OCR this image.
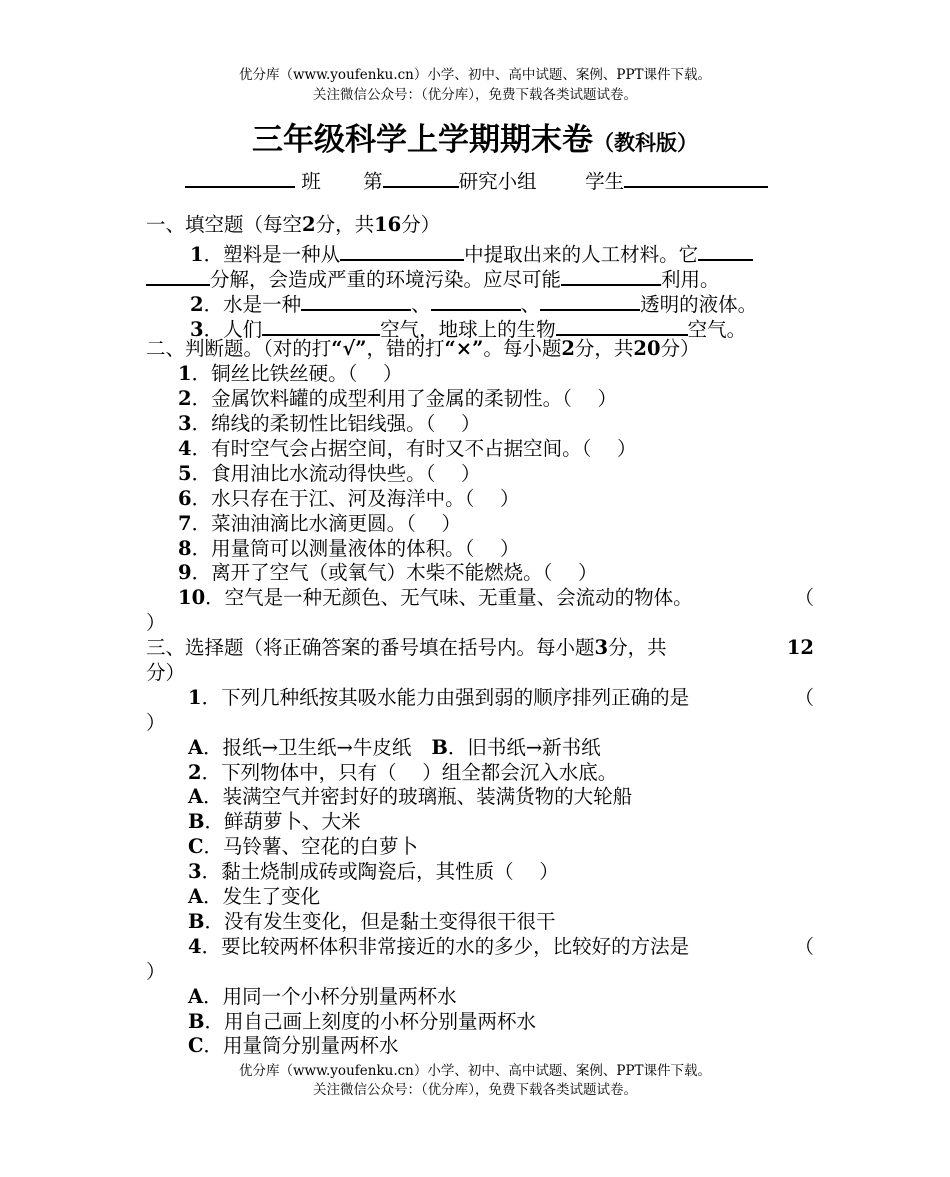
优分库（www.youfenku.cn）小学、初中、高中试题、案例、PPT课件下载。
关注微信公众号：（优分库），免费下载各类试题试卷。
三年级科学上学期期末卷（教科版）
班 第	研究小组 学生
一、填空题（每空2分，共16分）
1．塑料是一种从	中提取出来的人工材料。它
分解，会造成严重的环境污染。应尽可能	利用。
2．水是一种	、	、	透明的液体。
3．人们	空气，地球上的生物	空气。
二、判断题。（对的打“√”，错的打“×”。每小题2分，共20分）
1．铜丝比铁丝硬。（　 ）
2．金属饮料罐的成型利用了金属的柔韧性。（　 ）
3．绵线的柔韧性比铝线强。（　 ）
4．有时空气会占据空间，有时又不占据空间。（　 ）
5．食用油比水流动得快些。（　 ）
6．水只存在于江、河及海洋中。（　 ）
7．菜油油滴比水滴更圆。（　 ）
8．用量筒可以测量液体的体积。（　 ）
9．离开了空气（或氧气）木柴不能燃烧。（　 ）
10．空气是一种无颜色、无气味、无重量、会流动的物体。	（
）
三、选择题（将正确答案的番号填在括号内。每小题3分，共	12
分）
1．下列几种纸按其吸水能力由强到弱的顺序排列正确的是	（
）
A．报纸→卫生纸→牛皮纸 B．旧书纸→新书纸
2．下列物体中，只有（　 ）组全都会沉入水底。
A．装满空气并密封好的玻璃瓶、装满货物的大轮船
B．鲜葫萝卜、大米
C．马铃薯、空花的白萝卜
3．黏土烧制成砖或陶瓷后，其性质（　 ）
A．发生了变化
B．没有发生变化，但是黏土变得很干很干
4．要比较两杯体积非常接近的水的多少，比较好的方法是	（
）
A．用同一个小杯分别量两杯水
B．用自己画上刻度的小杯分别量两杯水
C．用量筒分别量两杯水
优分库（www.youfenku.cn）小学、初中、高中试题、案例、PPT课件下载。
关注微信公众号：（优分库），免费下载各类试题试卷。
